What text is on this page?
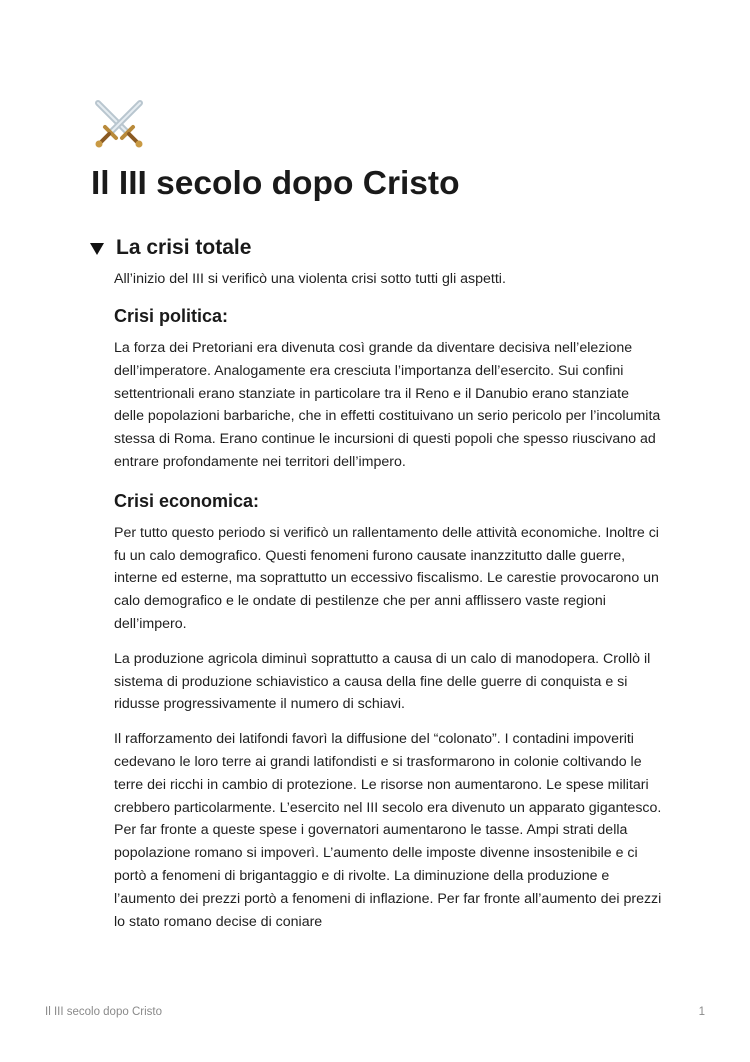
Il III secolo dopo Cristo
La crisi totale

All’inizio del III si verificò una violenta crisi sotto tutti gli aspetti.

Crisi politica:

La forza dei Pretoriani era divenuta così grande da diventare decisiva nell’elezione dell’imperatore. Analogamente era cresciuta l’importanza dell’esercito. Sui confini settentrionali erano stanziate in particolare tra il Reno e il Danubio erano stanziate delle popolazioni barbariche, che in effetti costituivano un serio pericolo per l’incolumita stessa di Roma. Erano continue le incursioni di questi popoli che spesso riuscivano ad entrare profondamente nei territori dell’impero.

Crisi economica:

Per tutto questo periodo si verificò un rallentamento delle attività economiche. Inoltre ci fu un calo demografico. Questi fenomeni furono causate inanzzitutto dalle guerre, interne ed esterne, ma soprattutto un eccessivo fiscalismo. Le carestie provocarono un calo demografico e le ondate di pestilenze che per anni afflissero vaste regioni dell’impero.

La produzione agricola diminuì soprattutto a causa di un calo di manodopera. Crollò il sistema di produzione schiavistico a causa della fine delle guerre di conquista e si ridusse progressivamente il numero di schiavi.

Il rafforzamento dei latifondi favorì la diffusione del “colonato”. I contadini impoveriti cedevano le loro terre ai grandi latifondisti e si trasformarono in colonie coltivando le terre dei ricchi in cambio di protezione. Le risorse non aumentarono. Le spese militari crebbero particolarmente. L’esercito nel III secolo era divenuto un apparato gigantesco. Per far fronte a queste spese i governatori aumentarono le tasse. Ampi strati della popolazione romano si impoverì. L’aumento delle imposte divenne insostenibile e ci portò a fenomeni di brigantaggio e di rivolte. La diminuzione della produzione e l’aumento dei prezzi portò a fenomeni di inflazione. Per far fronte all’aumento dei prezzi lo stato romano decise di coniare

Il III secolo dopo Cristo	1
